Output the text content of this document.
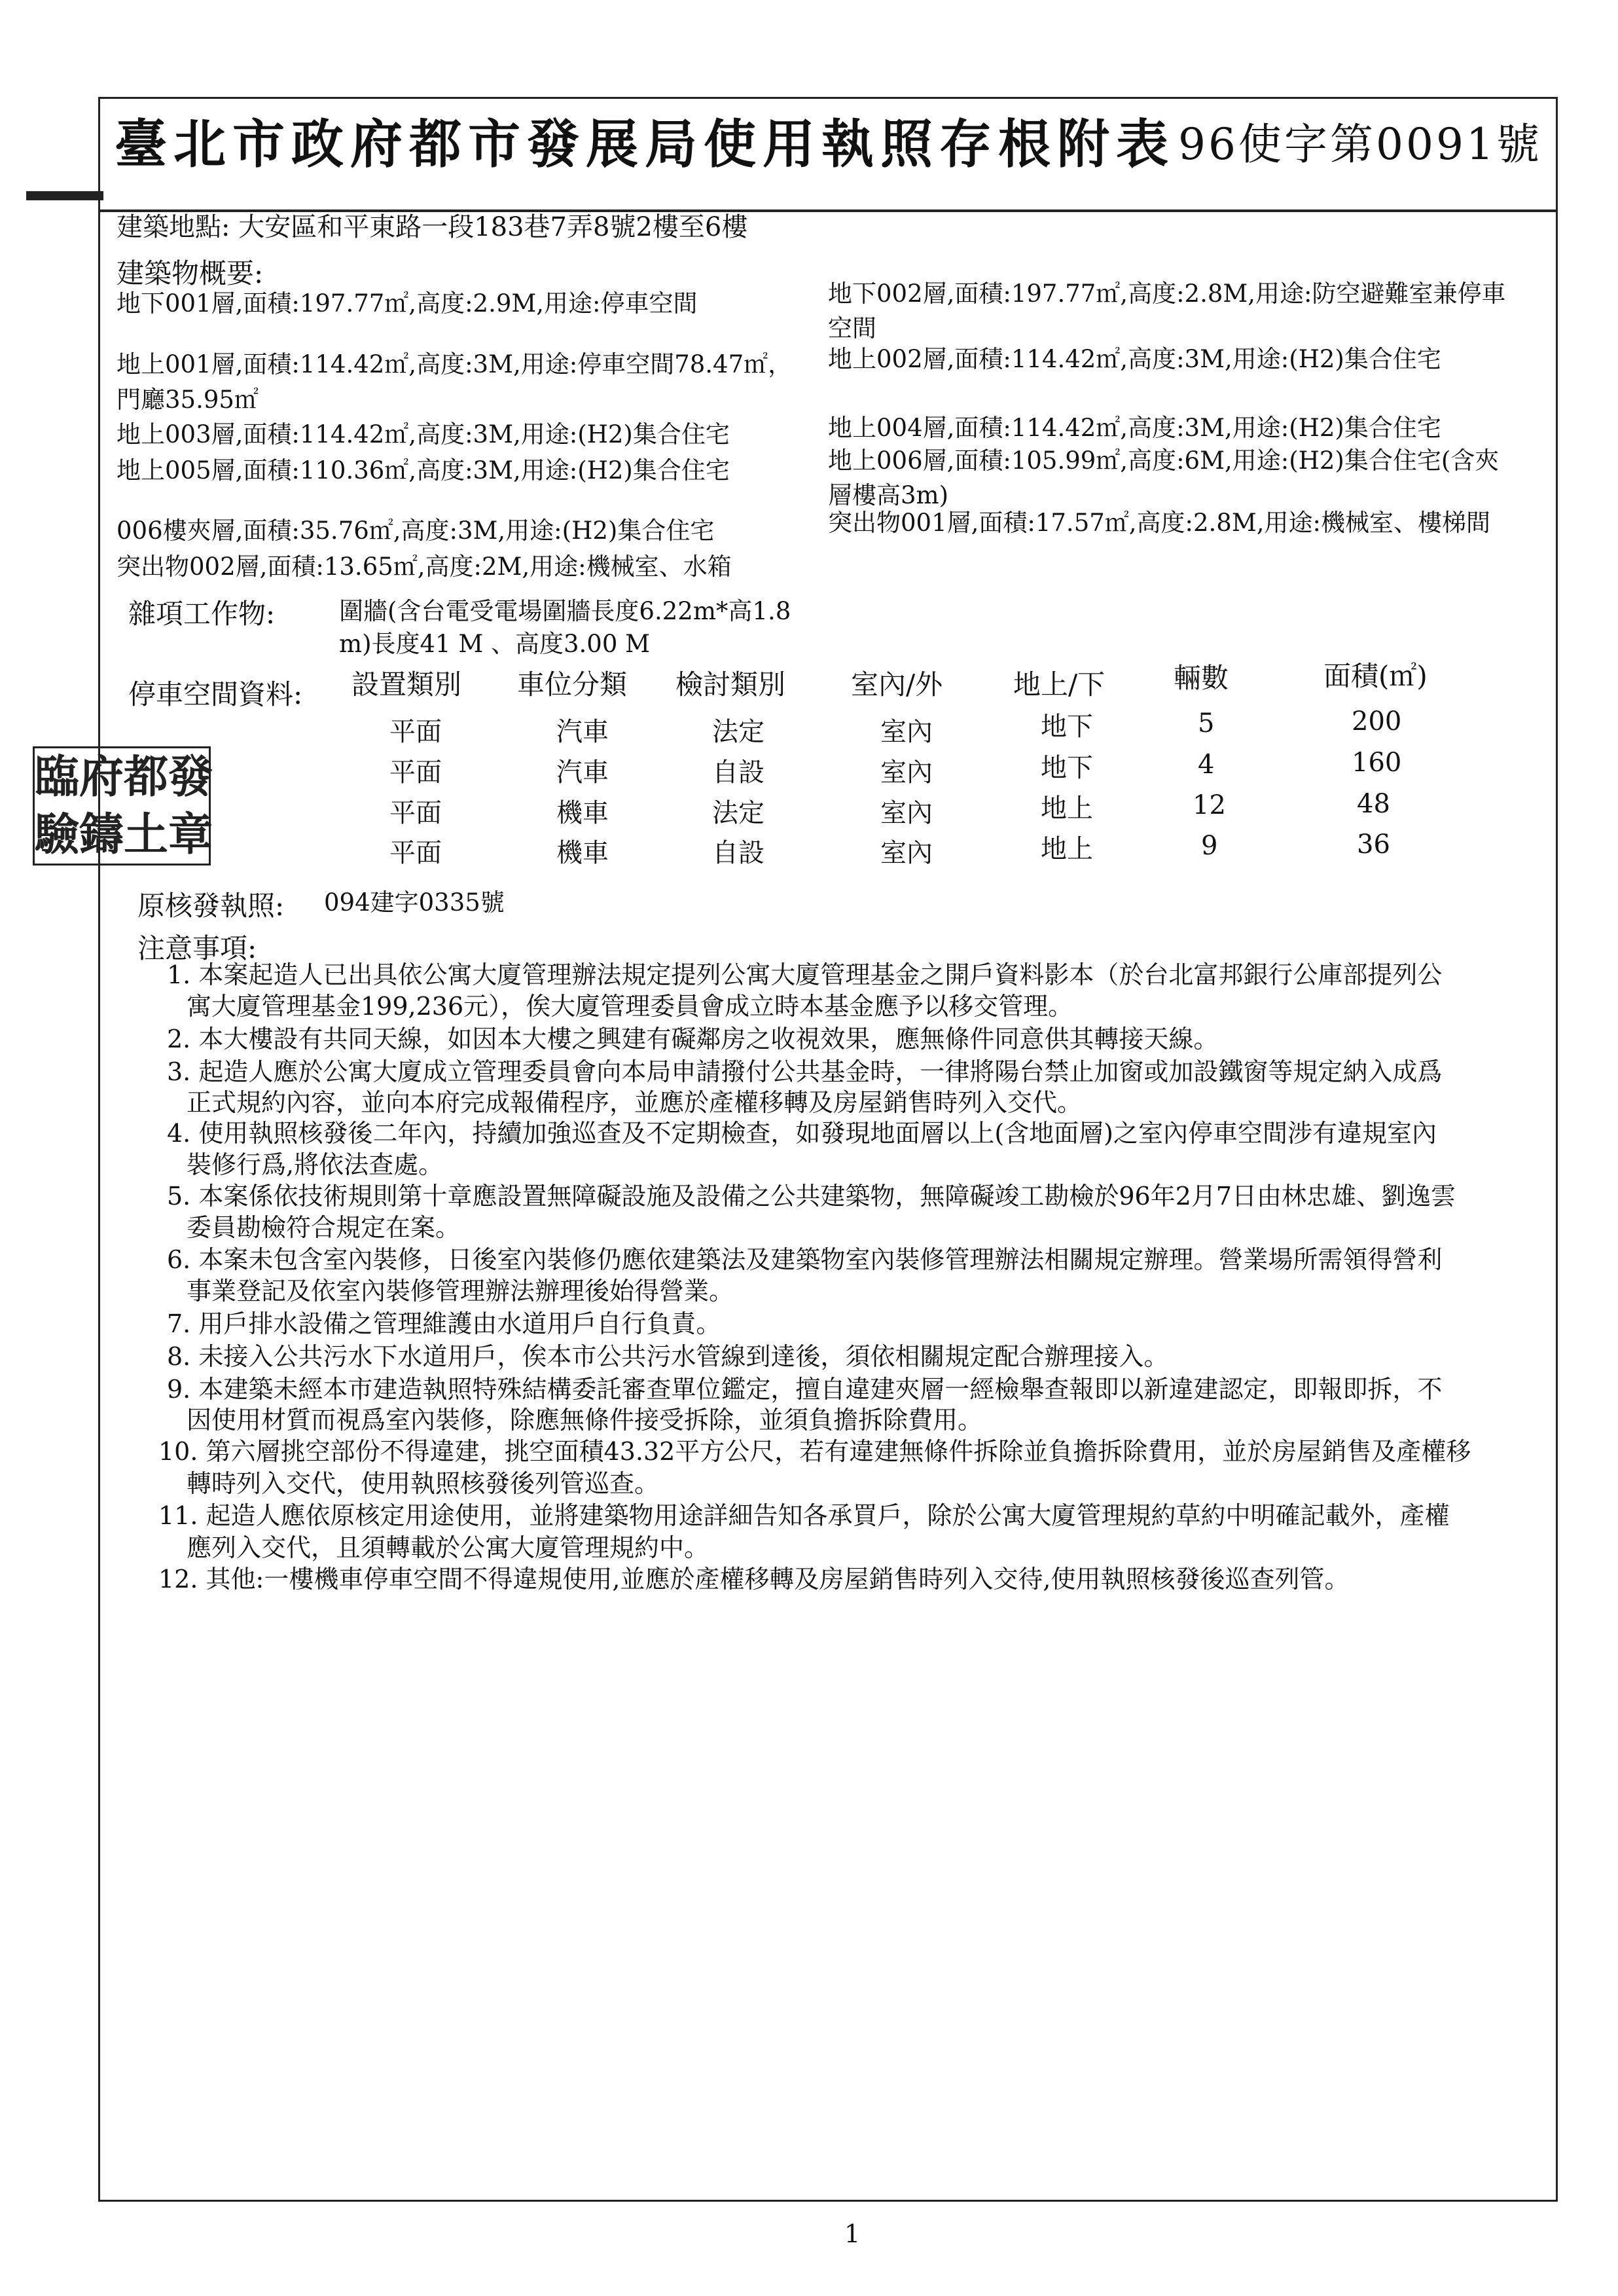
臺北市政府都市發展局使用執照存根附表 96使字第0091號
建築地點: 大安區和平東路一段183巷7弄8號2樓至6樓
建築物概要:
地下001層,面積:197.77㎡,高度:2.9M,用途:停車空間
地上001層,面積:114.42㎡,高度:3M,用途:停車空間78.47㎡，
門廳35.95㎡
地上003層,面積:114.42㎡,高度:3M,用途:(H2)集合住宅
地上005層,面積:110.36㎡,高度:3M,用途:(H2)集合住宅
006樓夾層,面積:35.76㎡,高度:3M,用途:(H2)集合住宅
突出物002層,面積:13.65㎡,高度:2M,用途:機械室、水箱
地下002層,面積:197.77㎡,高度:2.8M,用途:防空避難室兼停車
空間
地上002層,面積:114.42㎡,高度:3M,用途:(H2)集合住宅
地上004層,面積:114.42㎡,高度:3M,用途:(H2)集合住宅
地上006層,面積:105.99㎡,高度:6M,用途:(H2)集合住宅(含夾
層樓高3m)
突出物001層,面積:17.57㎡,高度:2.8M,用途:機械室、樓梯間
雜項工作物:	圍牆(含台電受電場圍牆長度6.22m*高1.8
m)長度41 M 、高度3.00 M
停車空間資料: 設置類別 車位分類 檢討類別 室內/外	地上/下 輛數	面積(㎡)
平面	汽車	法定	室內	地下	5	200
平面	汽車	自設	室內	地下	4	160
平面	機車	法定	室內	地上	12	48
平面	機車	自設	室內	地上	9	36
臨 府 都 發
驗 鑄 土 章
原核發執照: 094建字0335號
注意事項:
1. 本案起造人已出具依公寓大廈管理辦法規定提列公寓大廈管理基金之開戶資料影本（於台北富邦銀行公庫部提列公
寓大廈管理基金199,236元），俟大廈管理委員會成立時本基金應予以移交管理。
2. 本大樓設有共同天線，如因本大樓之興建有礙鄰房之收視效果，應無條件同意供其轉接天線。
3. 起造人應於公寓大廈成立管理委員會向本局申請撥付公共基金時，一律將陽台禁止加窗或加設鐵窗等規定納入成爲
正式規約內容，並向本府完成報備程序，並應於產權移轉及房屋銷售時列入交代。
4. 使用執照核發後二年內，持續加強巡查及不定期檢查，如發現地面層以上(含地面層)之室內停車空間涉有違規室內
裝修行爲,將依法查處。
5. 本案係依技術規則第十章應設置無障礙設施及設備之公共建築物，無障礙竣工勘檢於96年2月7日由林忠雄、劉逸雲
委員勘檢符合規定在案。
6. 本案未包含室內裝修，日後室內裝修仍應依建築法及建築物室內裝修管理辦法相關規定辦理。營業場所需領得營利
事業登記及依室內裝修管理辦法辦理後始得營業。
7. 用戶排水設備之管理維護由水道用戶自行負責。
8. 未接入公共污水下水道用戶，俟本市公共污水管線到達後，須依相關規定配合辦理接入。
9. 本建築未經本市建造執照特殊結構委託審查單位鑑定，擅自違建夾層一經檢舉查報即以新違建認定，即報即拆，不
因使用材質而視爲室內裝修，除應無條件接受拆除，並須負擔拆除費用。
10. 第六層挑空部份不得違建，挑空面積43.32平方公尺，若有違建無條件拆除並負擔拆除費用，並於房屋銷售及產權移
轉時列入交代，使用執照核發後列管巡查。
11. 起造人應依原核定用途使用，並將建築物用途詳細告知各承買戶，除於公寓大廈管理規約草約中明確記載外，產權
應列入交代，且須轉載於公寓大廈管理規約中。
12. 其他:一樓機車停車空間不得違規使用,並應於產權移轉及房屋銷售時列入交待,使用執照核發後巡查列管。
1
